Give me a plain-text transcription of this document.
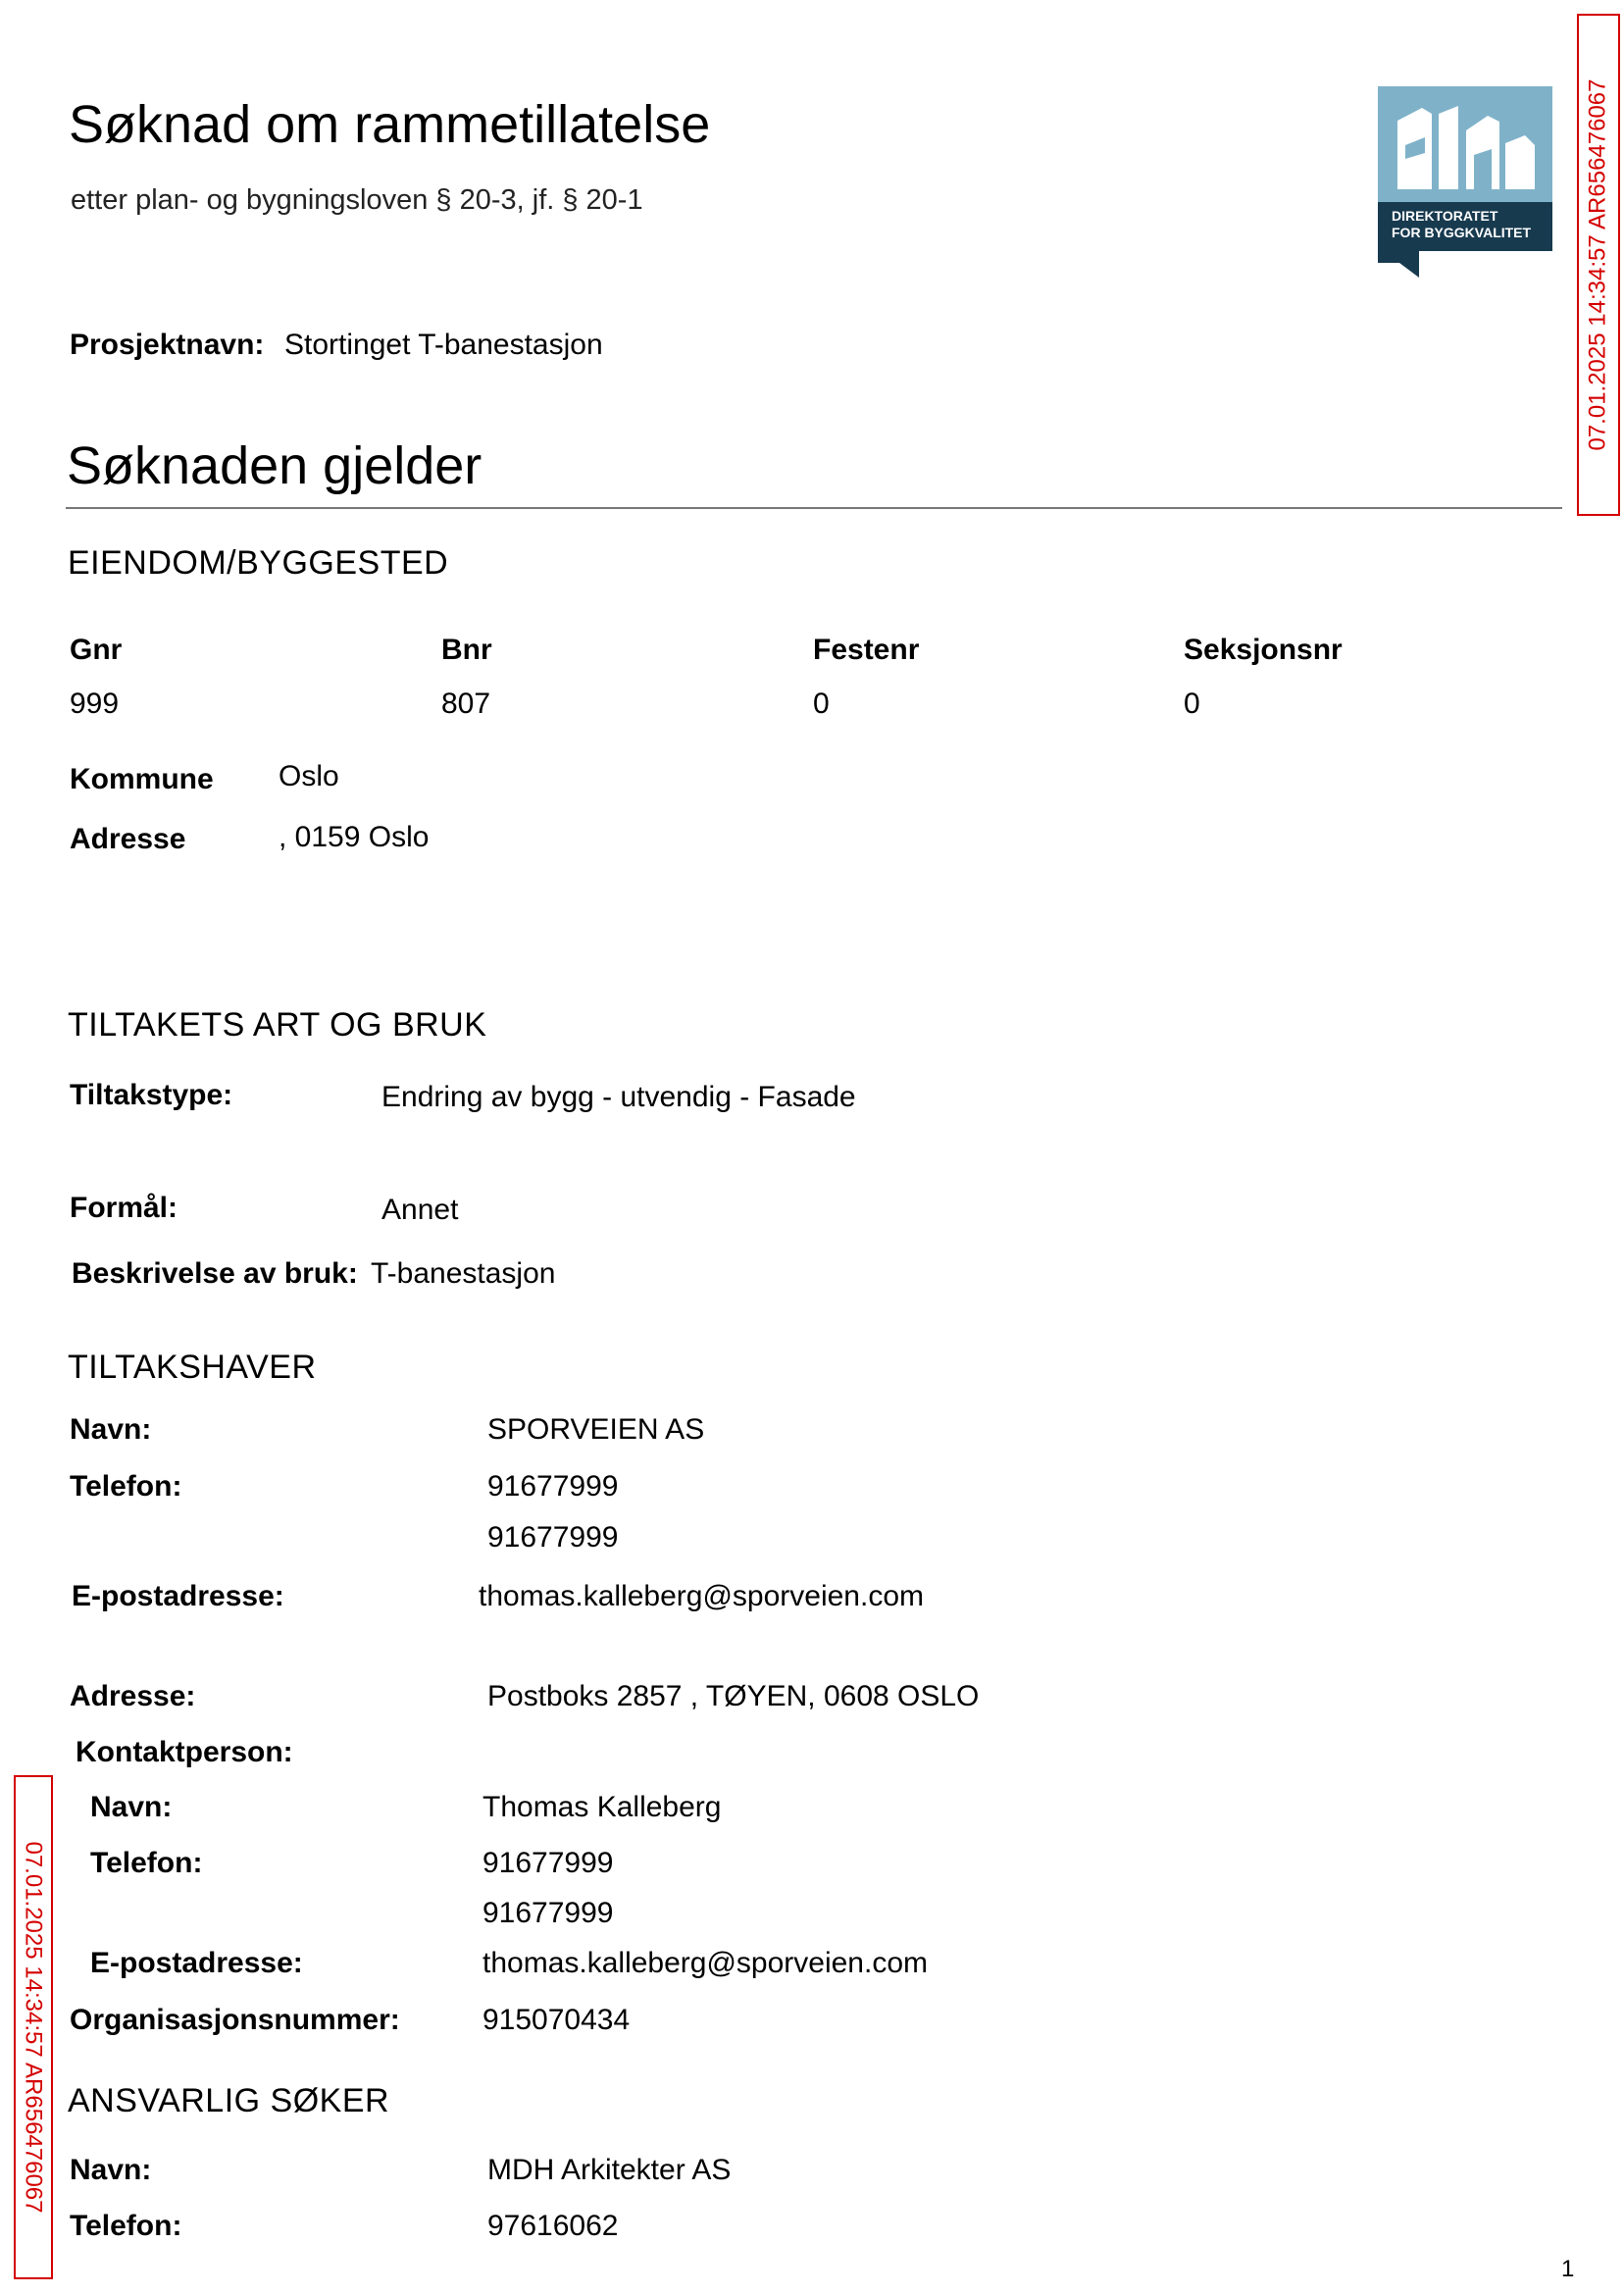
Søknad om rammetillatelse
etter plan- og bygningsloven § 20-3, jf. § 20-1	DIREKTORATET
FOR BYGGKVALITET 07.01.2025 14:34:57 AR656476067
07.01.2025 14:34:57 AR656476067
Prosjektnavn: Stortinget T-banestasjon
Søknaden gjelder
EIENDOM/BYGGESTED
Gnr	Bnr	Festenr	Seksjonsnr
999	807	0	0
Kommune Oslo
Adresse	, 0159 Oslo
TILTAKETS ART OG BRUK
Tiltakstype:	Endring av bygg - utvendig - Fasade
Formål:	Annet
Beskrivelse av bruk: T-banestasjon
TILTAKSHAVER
Navn:	SPORVEIEN AS
Telefon:	91677999
91677999
E-postadresse:	thomas.kalleberg@sporveien.com
Adresse:	Postboks 2857 , TØYEN, 0608 OSLO
Kontaktperson:
Navn:	Thomas Kalleberg
Telefon:	91677999
91677999
E-postadresse:	thomas.kalleberg@sporveien.com
Organisasjonsnummer:	915070434
ANSVARLIG SØKER
Navn:	MDH Arkitekter AS
Telefon:	97616062
1
